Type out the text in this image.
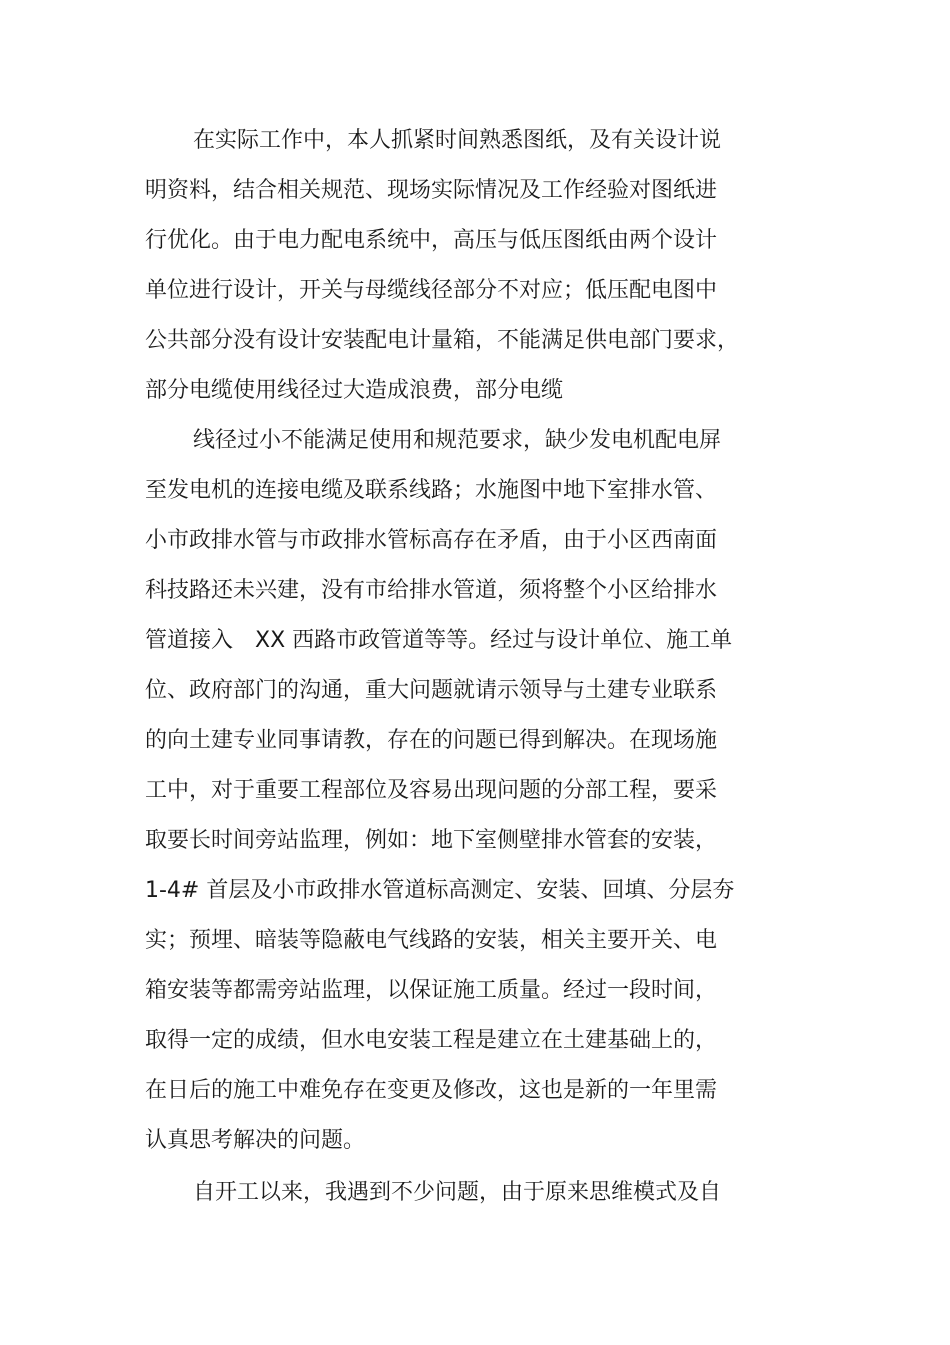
在实际工作中，本人抓紧时间熟悉图纸，及有关设计说
明资料，结合相关规范、现场实际情况及工作经验对图纸进
行优化。由于电力配电系统中，高压与低压图纸由两个设计
单位进行设计，开关与母缆线径部分不对应；低压配电图中
公共部分没有设计安装配电计量箱，不能满足供电部门要求，
部分电缆使用线径过大造成浪费，部分电缆
线径过小不能满足使用和规范要求，缺少发电机配电屏
至发电机的连接电缆及联系线路；水施图中地下室排水管、
小市政排水管与市政排水管标高存在矛盾，由于小区西南面
科技路还未兴建，没有市给排水管道，须将整个小区给排水
管道接入　XX 西路市政管道等等。经过与设计单位、施工单
位、政府部门的沟通，重大问题就请示领导与土建专业联系
的向土建专业同事请教，存在的问题已得到解决。在现场施
工中，对于重要工程部位及容易出现问题的分部工程，要采
取要长时间旁站监理，例如：地下室侧壁排水管套的安装，
1-4# 首层及小市政排水管道标高测定、安装、回填、分层夯
实；预埋、暗装等隐蔽电气线路的安装，相关主要开关、电
箱安装等都需旁站监理，以保证施工质量。经过一段时间，
取得一定的成绩，但水电安装工程是建立在土建基础上的，
在日后的施工中难免存在变更及修改，这也是新的一年里需
认真思考解决的问题。
自开工以来，我遇到不少问题，由于原来思维模式及自
